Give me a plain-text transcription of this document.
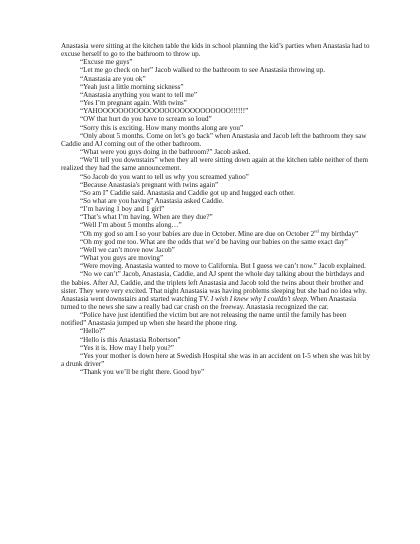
Anastasia were sitting at the kitchen table the kids in school planning the kid’s parties when Anastasia had to excuse herself to go to the bathroom to throw up.

“Excuse me guys”

“Let me go check on her” Jacob walked to the bathroom to see Anastasia throwing up.

“Anastasia are you ok”

“Yeah just a little morning sickness”

“Anastasia anything you want to tell me”

“Yes I’m pregnant again. With twins”

“YAHOOOOOOOOOOOOOOOOOOOOOOOOOO!!!!!!”

“OW that hurt do you have to scream so loud”

“Sorry this is exciting. How many months along are you”

“Only about 5 months. Come on let’s go back” when Anastasia and Jacob left the bathroom they saw Caddie and AJ coming out of the other bathroom.

“What were you guys doing in the bathroom?” Jacob asked.

“We’ll tell you downstairs” when they all were sitting down again at the kitchen table neither of them realized they had the same announcement.

“So Jacob do you want to tell us why you screamed yahoo”

“Because Anastasia's pregnant with twins again”

“So am I” Caddie said. Anastasia and Caddie got up and hugged each other.

“So what are you having” Anastasia asked Caddie.

“I’m having 1 boy and 1 girl”

“That’s what I’m having. When are they due?”

“Well I’m about 5 months along…”

“Oh my god so am I so your babies are due in October. Mine are due on October 2nd my birthday”

“Oh my god me too. What are the odds that we’d be having our babies on the same exact day”

“Well we can’t move now Jacob”

“What you guys are moving”

“Were moving. Anastasia wanted to move to California. But I guess we can’t now.” Jacob explained.

“No we can’t” Jacob, Anastasia, Caddie, and AJ spent the whole day talking about the birthdays and the babies. After AJ, Caddie, and the triplets left Anastasia and Jacob told the twins about their brother and sister. They were very excited. That night Anastasia was having problems sleeping but she had no idea why. Anastasia went downstairs and started watching TV. I wish I knew why I couldn’t sleep. When Anastasia turned to the news she saw a really bad car crash on the freeway. Anastasia recognized the car.

“Police have just identified the victim but are not releasing the name until the family has been notified” Anastasia jumped up when she heard the phone ring.

“Hello?”

“Hello is this Anastasia Robertson”

“Yes it is. How may I help you?”

“Yes your mother is down here at Swedish Hospital she was in an accident on I-5 when she was hit by a drunk driver”

“Thank you we’ll be right there. Good bye”
